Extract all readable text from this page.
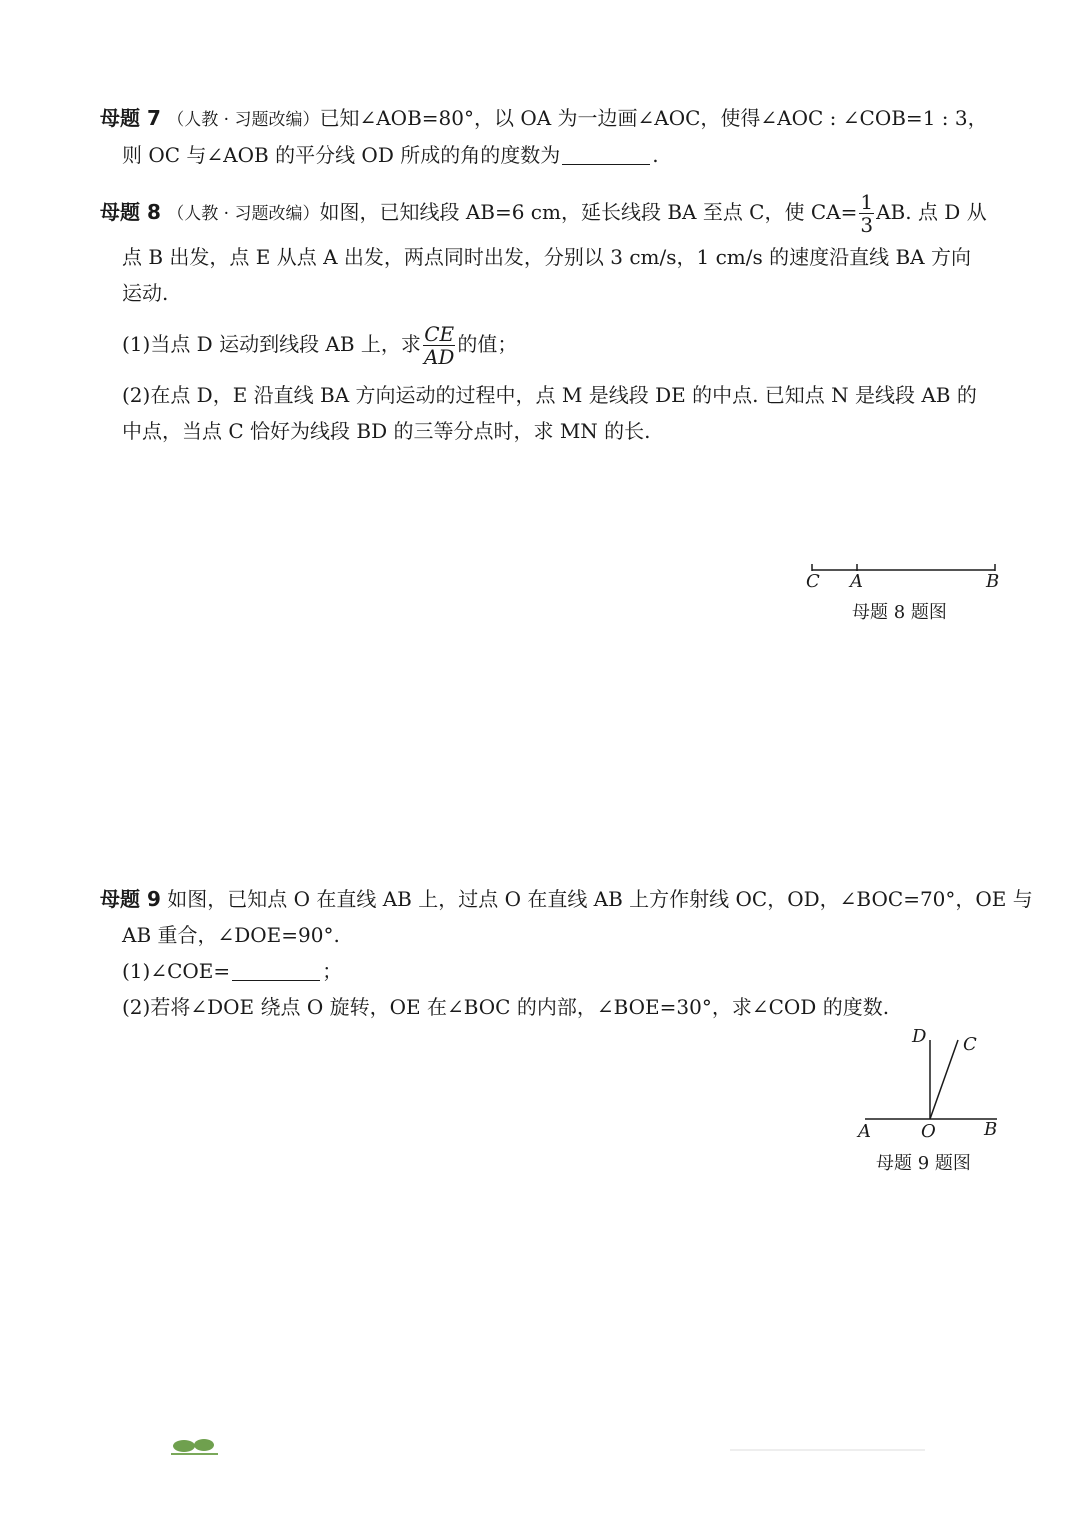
母题 7 （人教 · 习题改编）已知∠AOB=80°，以 OA 为一边画∠AOC，使得∠AOC : ∠COB=1 : 3，
则 OC 与∠AOB 的平分线 OD 所成的角的度数为	.
母题 8 （人教 · 习题改编）如图，已知线段 AB=6 cm，延长线段 BA 至点 C，使 $CA= \frac{1}{3}$ AB. 点 D 从
点 B 出发，点 E 从点 A 出发，两点同时出发，分别以 3 cm/s，1 cm/s 的速度沿直线 BA 方向
运动.
(1)当点 D 运动到线段 AB 上，求 $\frac{CE}{AD}$ 的值；
(2)在点 D，E 沿直线 BA 方向运动的过程中，点 M 是线段 DE 的中点. 已知点 N 是线段 AB 的
中点，当点 C 恰好为线段 BD 的三等分点时，求 MN 的长.
C A	B
母题 8 题图
母题 9 如图，已知点 O 在直线 AB 上，过点 O 在直线 AB 上方作射线 OC，OD，∠BOC=70°，OE 与
AB 重合，∠DOE=90°.
(1)∠COE=	；
(2)若将∠DOE 绕点 O 旋转，OE 在∠BOC 的内部，∠BOE=30°，求∠COD 的度数.
D C
A	O	B
母题 9 题图
